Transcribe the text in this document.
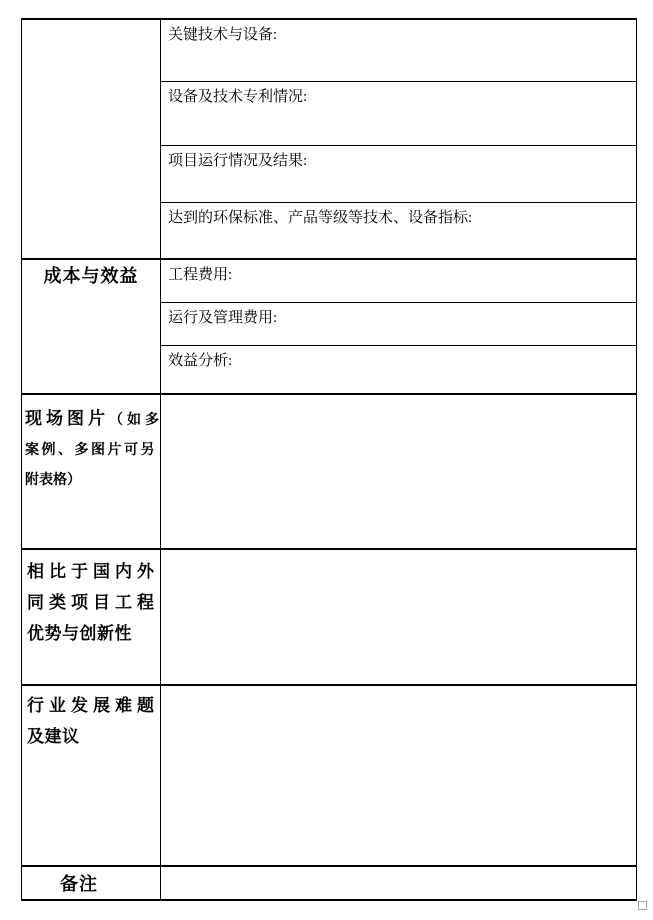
关键技术与设备:
设备及技术专利情况:
项目运行情况及结果:
达到的环保标准、产品等级等技术、设备指标:
成本与效益	工程费用:
运行及管理费用:
效益分析:
现场图片（如多
案例、多图片可另
附表格）
相比于国内外
同类项目工程
优势与创新性
行业发展难题
及建议
备注
